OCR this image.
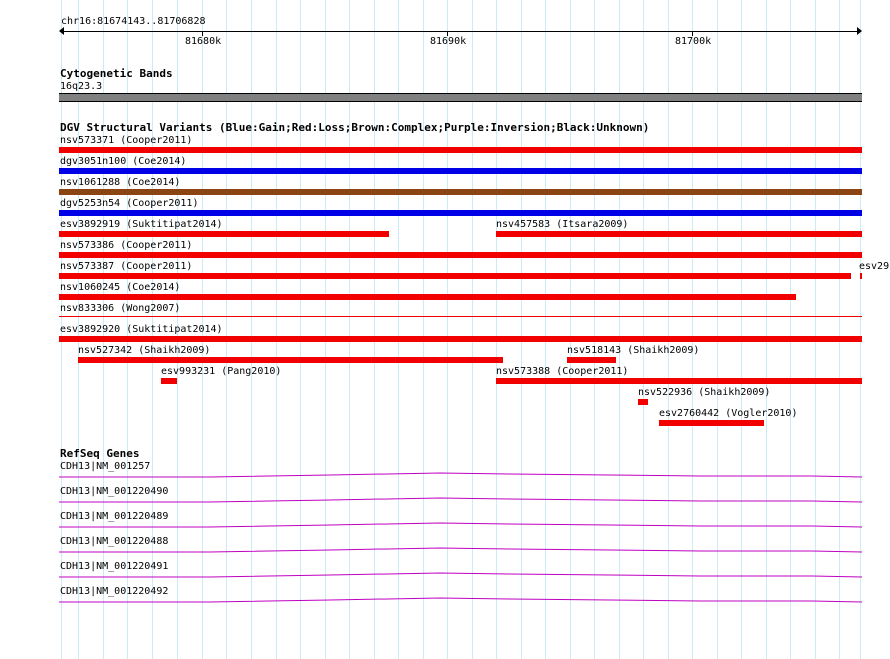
chr16:81674143..81706828
81680k	81690k	81700k
Cytogenetic Bands
16q23.3
DGV Structural Variants (Blue:Gain;Red:Loss;Brown:Complex;Purple:Inversion;Black:Unknown)
nsv573371 (Cooper2011)
dgv3051n100 (Coe2014)
nsv1061288 (Coe2014)
dgv5253n54 (Cooper2011)
esv3892919 (Suktitipat2014)	nsv457583 (Itsara2009)
nsv573386 (Cooper2011)
nsv573387 (Cooper2011)	esv29
nsv1060245 (Coe2014)
nsv833306 (Wong2007)
esv3892920 (Suktitipat2014)
nsv527342 (Shaikh2009)	nsv518143 (Shaikh2009)
esv993231 (Pang2010)	nsv573388 (Cooper2011)
nsv522936 (Shaikh2009)
esv2760442 (Vogler2010)
RefSeq Genes
CDH13|NM_001257
CDH13|NM_001220490
CDH13|NM_001220489
CDH13|NM_001220488
CDH13|NM_001220491
CDH13|NM_001220492
